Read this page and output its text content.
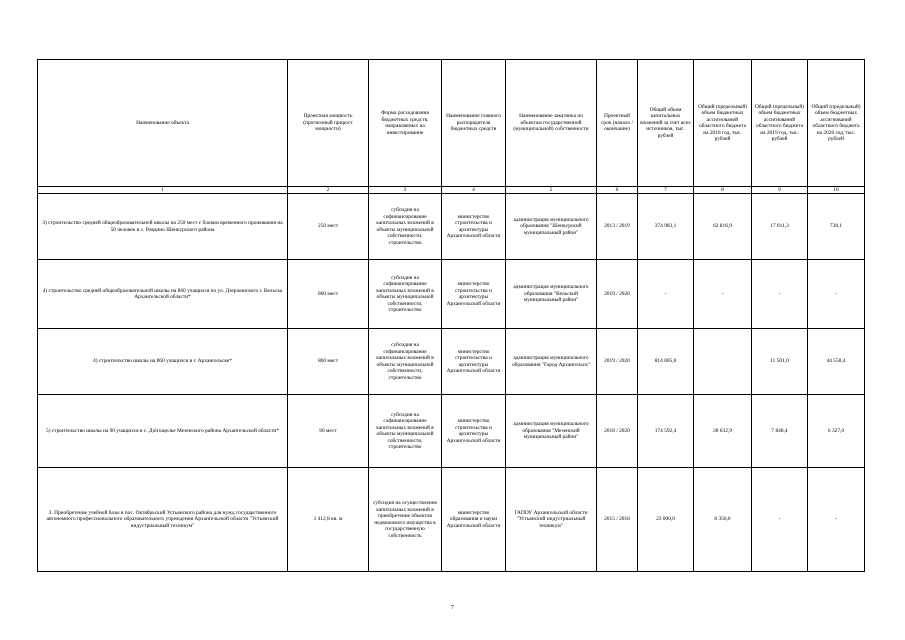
Наименование объекта	Проектная мощность (прогнозный прирост мощности)	Форма расходования бюджетных средств, направляемых на инвестирование	Наименование главного распорядителя бюджетных средств	Наименование заказчика по объектам государственной (муниципальной) собственности	Проектный срок (начало / окончание)	Общий объем капитальных вложений за счет всех источников, тыс. рублей	Общий (предельный) объем бюджетных ассигнований областного бюджета на 2018 год, тыс. рублей	Общий (предельный) объем бюджетных ассигнований областного бюджета на 2019 год, тыс. рублей	Общий (предельный) объем бюджетных ассигнований областного бюджета на 2020 год, тыс. рублей
1	2	3	4	5	6	7	8	9	10
3) строительство средней общеобразовательной школы на 250 мест с блоком временного проживания на 50 человек в с. Ровдино Шенкурского района	250 мест	субсидия на софинансирование капитальных вложений в объекты муниципальной собственности, строительство	министерство строительства и архитектуры Архангельской области	администрация муниципального образования "Шенкурский муниципальный район"	2013 / 2019	374 983,1	62 816,9	17 011,3	738,1
4) строительство средней общеобразовательной школы на 860 учащихся по ул. Дзержинского г. Вельска Архангельской области*	860 мест	субсидия на софинансирование капитальных вложений в объекты муниципальной собственности, строительство	министерство строительства и архитектуры Архангельской области	администрация муниципального образования "Вельский муниципальный район"	2019 / 2020	-	-	-	-
4) строительство школы на 860 учащихся в г. Архангельске*	860 мест	субсидия на софинансирование капитальных вложений в объекты муниципальной собственности, строительство	министерство строительства и архитектуры Архангельской области	администрация муниципального образования "Город Архангельск"	2019 / 2020	814 005,6		11 501,0	44 558,4
5) строительство школы на 90 учащихся в с. Дolгощелье Мезенского района Архангельской области*	90 мест	субсидия на софинансирование капитальных вложений в объекты муниципальной собственности, строительство	министерство строительства и архитектуры Архангельской области	администрация муниципального образования "Мезенский муниципальный район"	2018 / 2020	174 592,4	28 632,9	7 848,4	6 327,0
3. Приобретение учебной базы в пос. Октябрьский Устьянского района для нужд государственного автономного профессионального образовательного учреждения Архангельской области "Устьянский индустриальный техникум"	1 412,8 кв. м	субсидия на осуществление капитальных вложений в приобретение объектов недвижимого имущества в государственную собственность	министерство образования и науки Архангельской области	ГАПОУ Архангельской области "Устьянский индустриальный техникум"	2015 / 2018	23 000,0	8 350,0	-	-
7
